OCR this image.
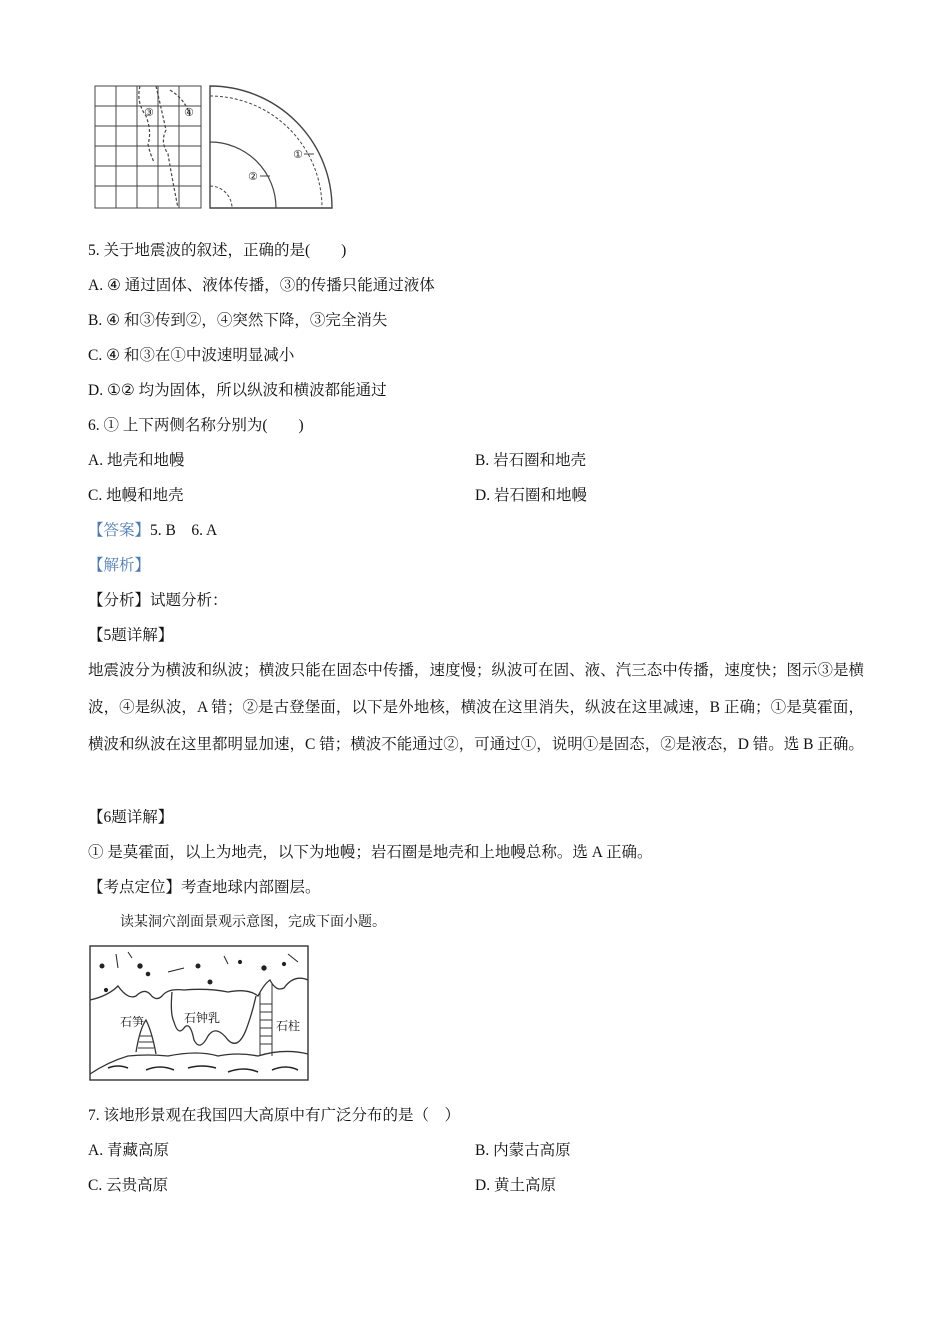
③	④
①
②
5. 关于地震波的叙述，正确的是(　　)
A. ④ 通过固体、液体传播，③的传播只能通过液体
B. ④ 和③传到②，④突然下降，③完全消失
C. ④ 和③在①中波速明显减小
D. ①② 均为固体，所以纵波和横波都能通过
6. ① 上下两侧名称分别为(　　)
A. 地壳和地幔	B. 岩石圈和地壳
C. 地幔和地壳	D. 岩石圈和地幔
【答案】5. B　6. A
【解析】
【分析】试题分析：
【5题详解】
地震波分为横波和纵波；横波只能在固态中传播，速度慢；纵波可在固、液、汽三态中传播，速度快；图示③是横波，④是纵波，A 错；②是古登堡面，以下是外地核，横波在这里消失，纵波在这里减速，B 正确；①是莫霍面，横波和纵波在这里都明显加速，C 错；横波不能通过②，可通过①，说明①是固态，②是液态，D 错。选 B 正确。
【6题详解】
① 是莫霍面，以上为地壳，以下为地幔；岩石圈是地壳和上地幔总称。选 A 正确。
【考点定位】考查地球内部圈层。
读某洞穴剖面景观示意图，完成下面小题。
石笋	石钟乳
石柱
7. 该地形景观在我国四大高原中有广泛分布的是（　）
A. 青藏高原	B. 内蒙古高原
C. 云贵高原	D. 黄土高原
